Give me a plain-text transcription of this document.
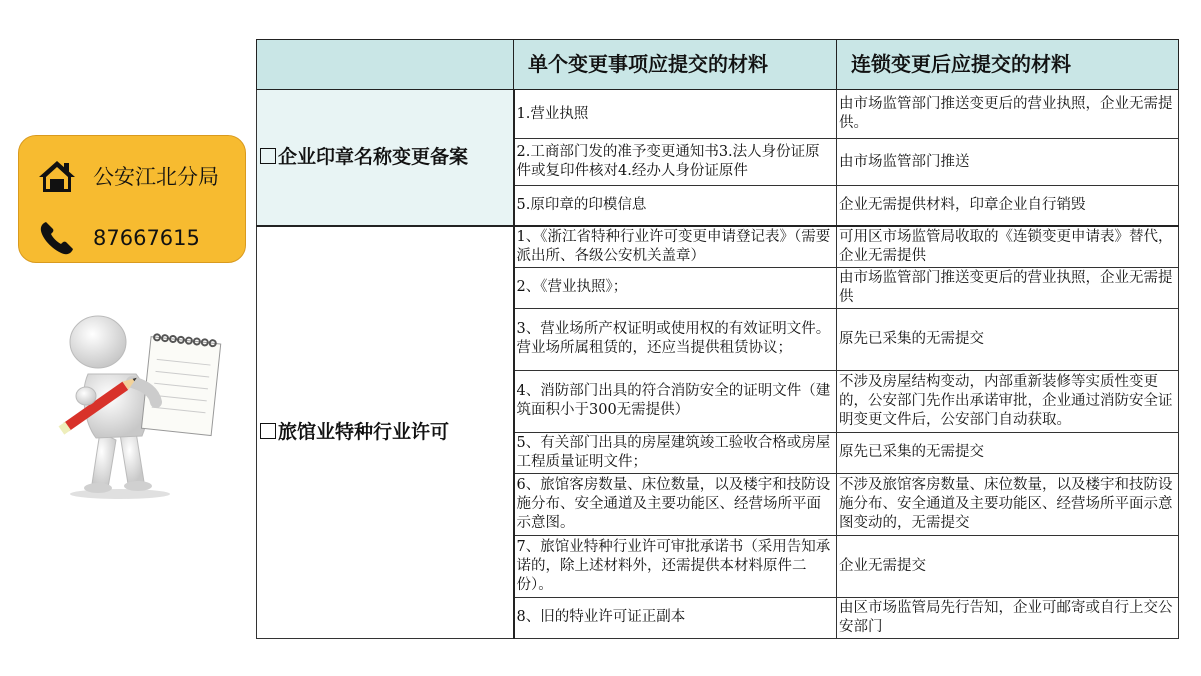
公安江北分局
87667615
	单个变更事项应提交的材料	连锁变更后应提交的材料
企业印章名称变更备案	1.营业执照	由市场监管部门推送变更后的营业执照，企业无需提供。
	2.工商部门发的准予变更通知书3.法人身份证原件或复印件核对4.经办人身份证原件	由市场监管部门推送
	5.原印章的印模信息	企业无需提供材料，印章企业自行销毁
旅馆业特种行业许可	1、《浙江省特种行业许可变更申请登记表》（需要派出所、各级公安机关盖章）	可用区市场监管局收取的《连锁变更申请表》替代，企业无需提供
	2、《营业执照》；	由市场监管部门推送变更后的营业执照，企业无需提供
	3、营业场所产权证明或使用权的有效证明文件。营业场所属租赁的，还应当提供租赁协议；	原先已采集的无需提交
	4、消防部门出具的符合消防安全的证明文件（建筑面积小于300无需提供）	不涉及房屋结构变动，内部重新装修等实质性变更的，公安部门先作出承诺审批，企业通过消防安全证明变更文件后，公安部门自动获取。
	5、有关部门出具的房屋建筑竣工验收合格或房屋工程质量证明文件；	原先已采集的无需提交
	6、旅馆客房数量、床位数量，以及楼宇和技防设施分布、安全通道及主要功能区、经营场所平面示意图。	不涉及旅馆客房数量、床位数量，以及楼宇和技防设施分布、安全通道及主要功能区、经营场所平面示意图变动的，无需提交
	7、旅馆业特种行业许可审批承诺书（采用告知承诺的，除上述材料外，还需提供本材料原件二份）。	企业无需提交
	8、旧的特业许可证正副本	由区市场监管局先行告知，企业可邮寄或自行上交公安部门
